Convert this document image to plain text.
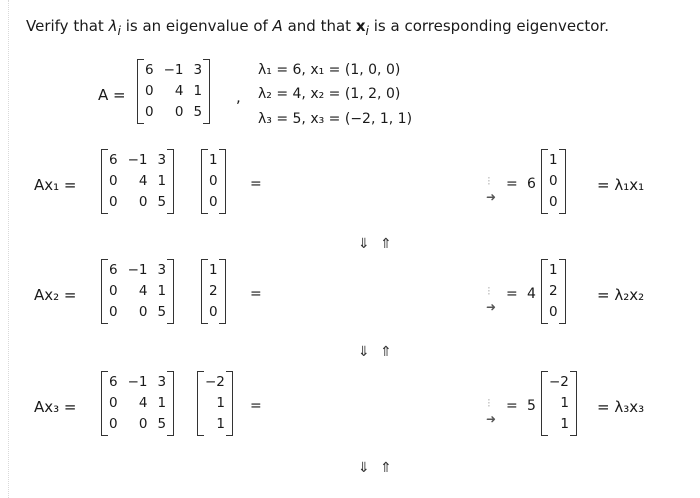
Verify that $\lambda_i$ is an eigenvalue of A and that $x_i$ is a corresponding eigenvector.
A =
6	−1	3
0	4	1
0	0	5
,
λ₁ = 6, x₁ = (1, 0, 0)
λ₂ = 4, x₂ = (1, 2, 0)
λ₃ = 5, x₃ = (−2, 1, 1)
Ax₁ =
6	−1	3
0	4	1
0	0	5
1
0
0
=	⁝
➜
= 6
1
0
0
= λ₁x₁
Ax₂ =
6	−1	3
0	4	1
0	0	5
1
2
0
=	⁝
➜
= 4
1
2
0
= λ₂x₂
Ax₃ =
6	−1	3
0	4	1
0	0	5
−2
1
1
=	⁝
➜
= 5
−2
1
1
= λ₃x₃
⇓ ⇑
⇓ ⇑
⇓ ⇑
